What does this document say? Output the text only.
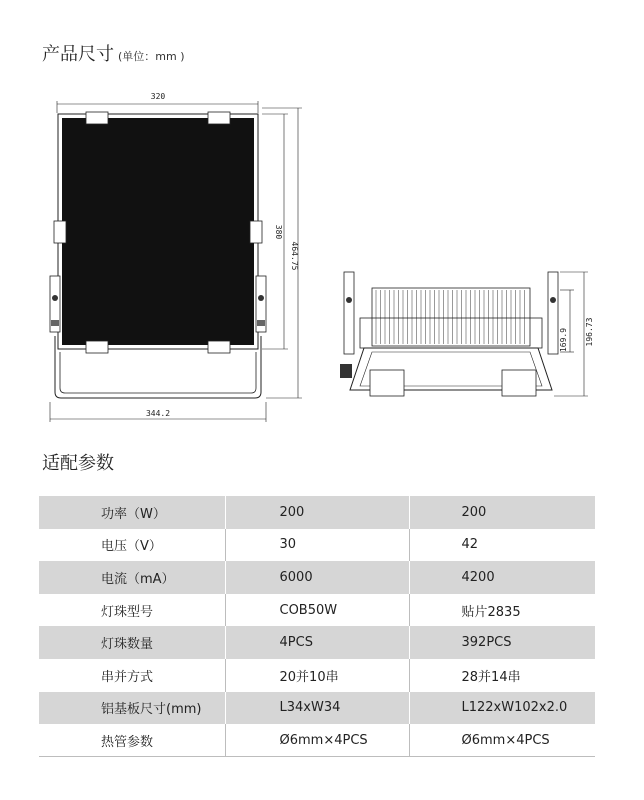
产品尺寸 (单位：mm )
320
344.2
380
464.75
169.9 196.73
适配参数
功率（W）	200	200
电压（V）	30	42
电流（mA）	6000	4200
灯珠型号	COB50W	贴片2835
灯珠数量	4PCS	392PCS
串并方式	20并10串	28并14串
铝基板尺寸(mm)	L34xW34	L122xW102x2.0
热管参数	Ø6mm×4PCS	Ø6mm×4PCS
